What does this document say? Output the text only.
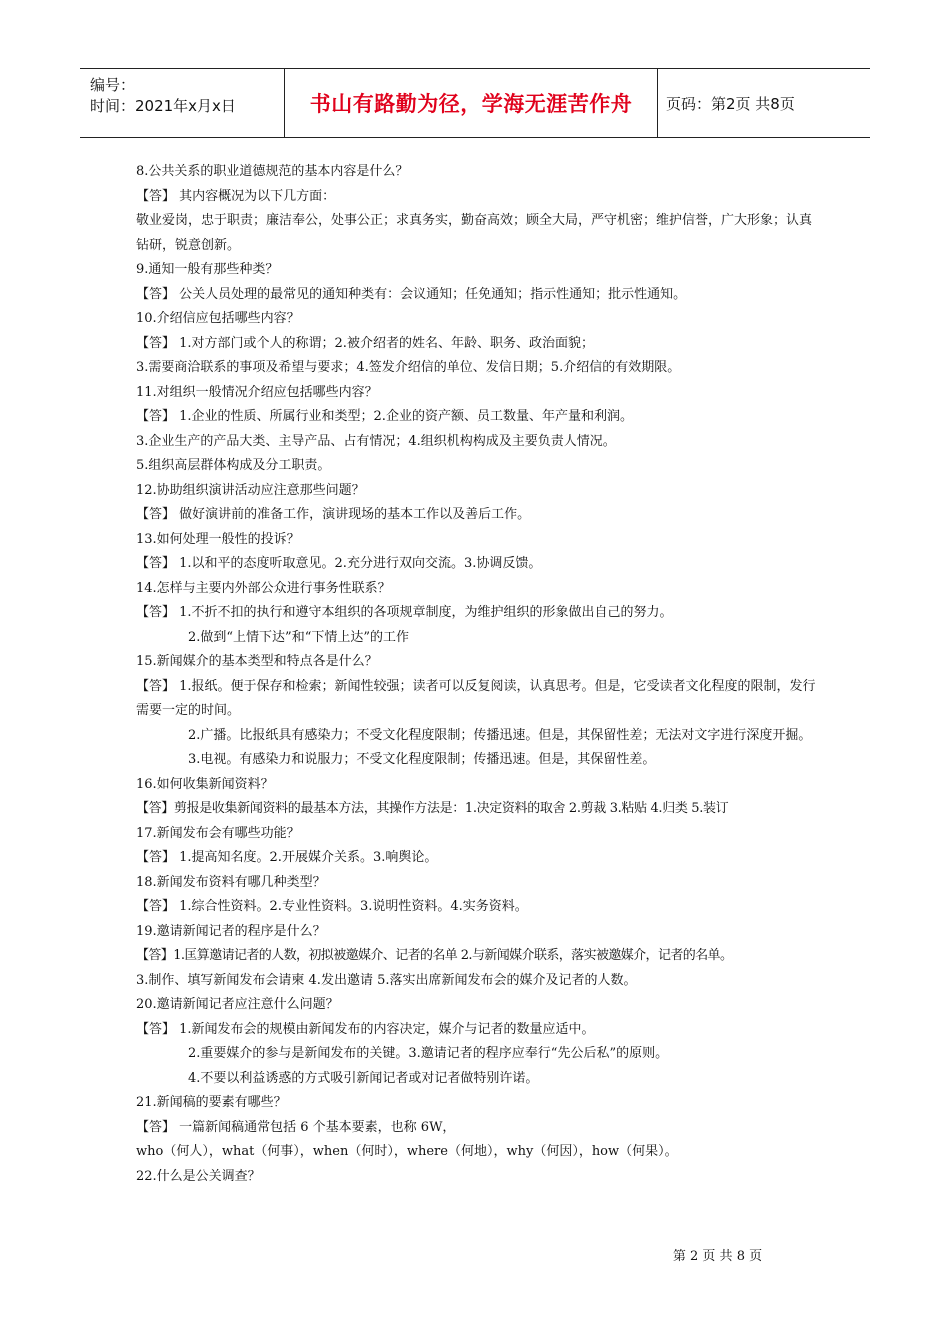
编号：
时间：2021年x月x日	书山有路勤为径，学海无涯苦作舟	页码：第2页 共8页
8.公共关系的职业道德规范的基本内容是什么？
【答】 其内容概况为以下几方面：
敬业爱岗，忠于职责；廉洁奉公，处事公正；求真务实，勤奋高效；顾全大局，严守机密；维护信誉，广大形象；认真钻研，锐意创新。
9.通知一般有那些种类？
【答】 公关人员处理的最常见的通知种类有：会议通知；任免通知；指示性通知；批示性通知。
10.介绍信应包括哪些内容？
【答】 1.对方部门或个人的称谓；2.被介绍者的姓名、年龄、职务、政治面貌；
3.需要商洽联系的事项及希望与要求；4.签发介绍信的单位、发信日期；5.介绍信的有效期限。
11.对组织一般情况介绍应包括哪些内容？
【答】 1.企业的性质、所属行业和类型；2.企业的资产额、员工数量、年产量和利润。
3.企业生产的产品大类、主导产品、占有情况；4.组织机构构成及主要负责人情况。
5.组织高层群体构成及分工职责。
12.协助组织演讲活动应注意那些问题？
【答】 做好演讲前的准备工作，演讲现场的基本工作以及善后工作。
13.如何处理一般性的投诉？
【答】 1.以和平的态度听取意见。2.充分进行双向交流。3.协调反馈。
14.怎样与主要内外部公众进行事务性联系？
【答】 1.不折不扣的执行和遵守本组织的各项规章制度，为维护组织的形象做出自己的努力。
2.做到“上情下达”和“下情上达”的工作
15.新闻媒介的基本类型和特点各是什么？
【答】 1.报纸。便于保存和检索；新闻性较强；读者可以反复阅读，认真思考。但是，它受读者文化程度的限制，发行需要一定的时间。
2.广播。比报纸具有感染力；不受文化程度限制；传播迅速。但是，其保留性差；无法对文字进行深度开掘。
3.电视。有感染力和说服力；不受文化程度限制；传播迅速。但是，其保留性差。
16.如何收集新闻资料？
【答】剪报是收集新闻资料的最基本方法，其操作方法是：1.决定资料的取舍 2.剪裁 3.粘贴 4.归类 5.装订
17.新闻发布会有哪些功能？
【答】 1.提高知名度。2.开展媒介关系。3.响舆论。
18.新闻发布资料有哪几种类型？
【答】 1.综合性资料。2.专业性资料。3.说明性资料。4.实务资料。
19.邀请新闻记者的程序是什么？
【答】1.匡算邀请记者的人数，初拟被邀媒介、记者的名单 2.与新闻媒介联系，落实被邀媒介，记者的名单。
3.制作、填写新闻发布会请柬 4.发出邀请 5.落实出席新闻发布会的媒介及记者的人数。
20.邀请新闻记者应注意什么问题？
【答】 1.新闻发布会的规模由新闻发布的内容决定，媒介与记者的数量应适中。
2.重要媒介的参与是新闻发布的关键。3.邀请记者的程序应奉行“先公后私”的原则。
4.不要以利益诱惑的方式吸引新闻记者或对记者做特别许诺。
21.新闻稿的要素有哪些？
【答】 一篇新闻稿通常包括 6 个基本要素，也称 6W，
who（何人），what（何事），when（何时），where（何地），why（何因），how（何果）。
22.什么是公关调查？
第 2 页 共 8 页
